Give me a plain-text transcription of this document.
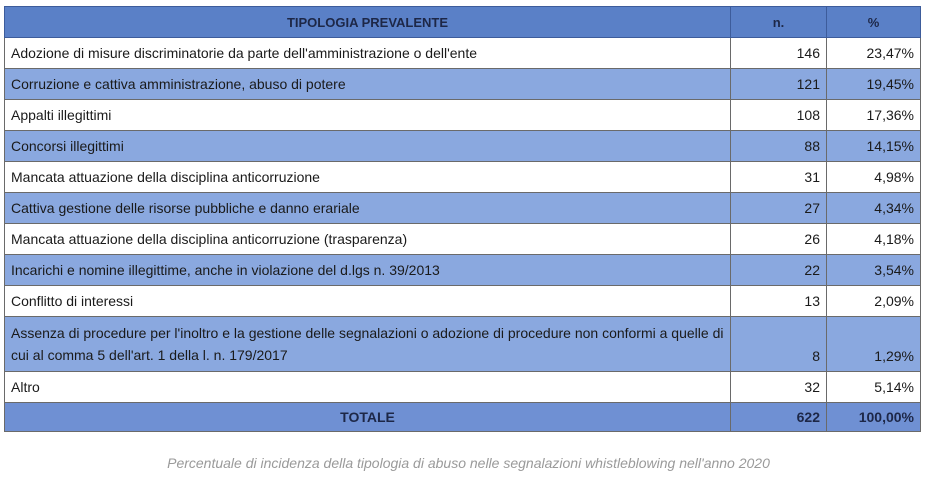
TIPOLOGIA PREVALENTE	n.	%
Adozione di misure discriminatorie da parte dell'amministrazione o dell'ente	146	23,47%
Corruzione e cattiva amministrazione, abuso di potere	121	19,45%
Appalti illegittimi	108	17,36%
Concorsi illegittimi	88	14,15%
Mancata attuazione della disciplina anticorruzione	31	4,98%
Cattiva gestione delle risorse pubbliche e danno erariale	27	4,34%
Mancata attuazione della disciplina anticorruzione (trasparenza)	26	4,18%
Incarichi e nomine illegittime, anche in violazione del d.lgs n. 39/2013	22	3,54%
Conflitto di interessi	13	2,09%
Assenza di procedure per l'inoltro e la gestione delle segnalazioni o adozione di procedure non conformi a quelle di cui al comma 5 dell'art. 1 della l. n. 179/2017	8	1,29%
Altro	32	5,14%
TOTALE	622	100,00%
Percentuale di incidenza della tipologia di abuso nelle segnalazioni whistleblowing nell'anno 2020
